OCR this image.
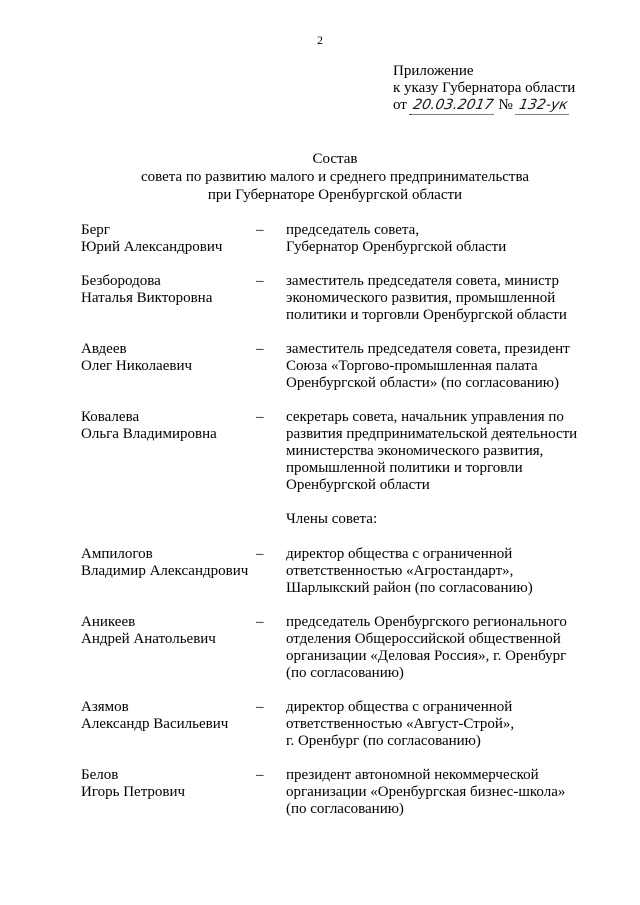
2
Приложение
к указу Губернатора области
от 20.03.2017 № 132-ук
Состав
совета по развитию малого и среднего предпринимательства
при Губернаторе Оренбургской области
Берг
Юрий Александрович
–	председатель совета,
Губернатор Оренбургской области
Безбородова
Наталья Викторовна
–	заместитель председателя совета, министр
экономического развития, промышленной
политики и торговли Оренбургской области
Авдеев
Олег Николаевич
–	заместитель председателя совета, президент
Союза «Торгово-промышленная палата
Оренбургской области» (по согласованию)
Ковалева
Ольга Владимировна
–	секретарь совета, начальник управления по
развития предпринимательской деятельности
министерства экономического развития,
промышленной политики и торговли
Оренбургской области
Члены совета:
Ампилогов
Владимир Александрович
–	директор общества с ограниченной
ответственностью «Агростандарт»,
Шарлыкский район (по согласованию)
Аникеев
Андрей Анатольевич
–	председатель Оренбургского регионального
отделения Общероссийской общественной
организации «Деловая Россия», г. Оренбург
(по согласованию)
Азямов
Александр Васильевич
–	директор общества с ограниченной
ответственностью «Август-Строй»,
г. Оренбург (по согласованию)
Белов
Игорь Петрович
–	президент автономной некоммерческой
организации «Оренбургская бизнес-школа»
(по согласованию)
